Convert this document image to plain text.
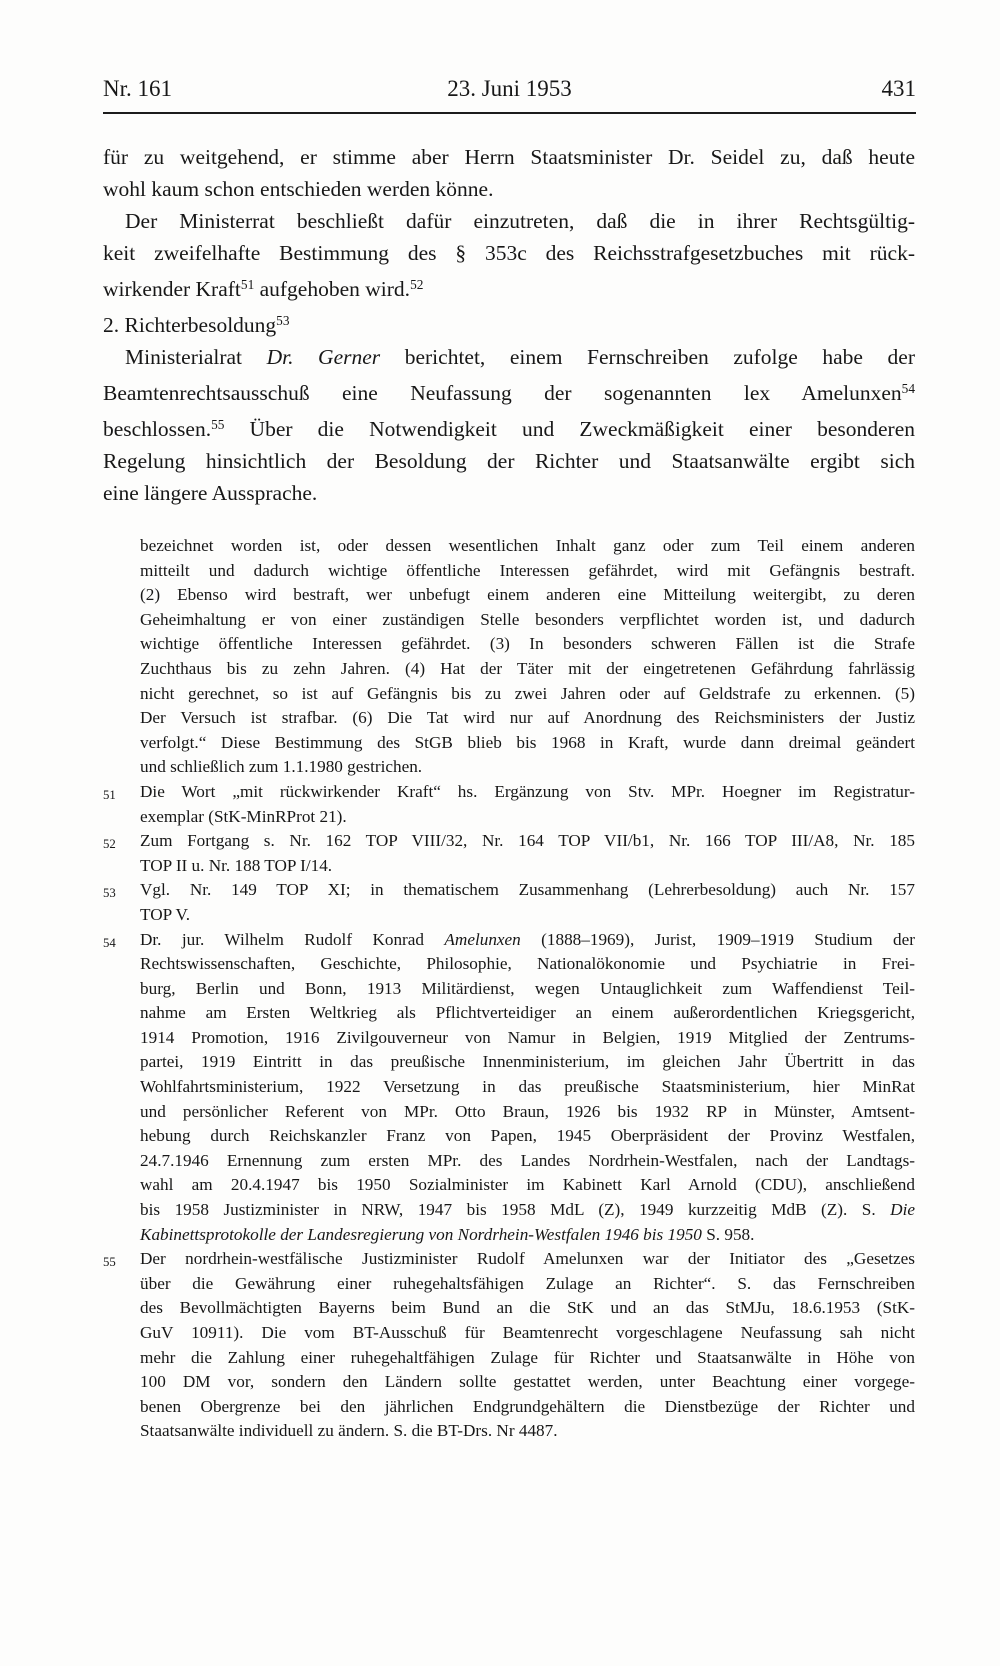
Nr. 161	23. Juni 1953	431
für zu weitgehend, er stimme aber Herrn Staatsminister Dr. Seidel zu, daß heute
wohl kaum schon entschieden werden könne.
Der Ministerrat beschließt dafür einzutreten, daß die in ihrer Rechtsgültig-
keit zweifelhafte Bestimmung des § 353c des Reichsstrafgesetzbuches mit rück-
wirkender Kraft$^{51}$ aufgehoben wird.$^{52}$
2. Richterbesoldung$^{53}$
Ministerialrat Dr. Gerner berichtet, einem Fernschreiben zufolge habe der
Beamtenrechtsausschuß eine Neufassung der sogenannten lex Amelunxen$^{54}$
beschlossen.$^{55}$ Über die Notwendigkeit und Zweckmäßigkeit einer besonderen
Regelung hinsichtlich der Besoldung der Richter und Staatsanwälte ergibt sich
eine längere Aussprache.
bezeichnet worden ist, oder dessen wesentlichen Inhalt ganz oder zum Teil einem anderen
mitteilt und dadurch wichtige öffentliche Interessen gefährdet, wird mit Gefängnis bestraft.
(2) Ebenso wird bestraft, wer unbefugt einem anderen eine Mitteilung weitergibt, zu deren
Geheimhaltung er von einer zuständigen Stelle besonders verpflichtet worden ist, und dadurch
wichtige öffentliche Interessen gefährdet. (3) In besonders schweren Fällen ist die Strafe
Zuchthaus bis zu zehn Jahren. (4) Hat der Täter mit der eingetretenen Gefährdung fahrlässig
nicht gerechnet, so ist auf Gefängnis bis zu zwei Jahren oder auf Geldstrafe zu erkennen. (5)
Der Versuch ist strafbar. (6) Die Tat wird nur auf Anordnung des Reichsministers der Justiz
verfolgt.“ Diese Bestimmung des StGB blieb bis 1968 in Kraft, wurde dann dreimal geändert
und schließlich zum 1.1.1980 gestrichen.
51	Die Wort „mit rückwirkender Kraft“ hs. Ergänzung von Stv. MPr. Hoegner im Registratur-
exemplar (StK-MinRProt 21).
52	Zum Fortgang s. Nr. 162 TOP VIII/32, Nr. 164 TOP VII/b1, Nr. 166 TOP III/A8, Nr. 185
TOP II u. Nr. 188 TOP I/14.
53	Vgl. Nr. 149 TOP XI; in thematischem Zusammenhang (Lehrerbesoldung) auch Nr. 157
TOP V.
54	Dr. jur. Wilhelm Rudolf Konrad Amelunxen (1888–1969), Jurist, 1909–1919 Studium der
Rechtswissenschaften, Geschichte, Philosophie, Nationalökonomie und Psychiatrie in Frei-
burg, Berlin und Bonn, 1913 Militärdienst, wegen Untauglichkeit zum Waffendienst Teil-
nahme am Ersten Weltkrieg als Pflichtverteidiger an einem außerordentlichen Kriegsgericht,
1914 Promotion, 1916 Zivilgouverneur von Namur in Belgien, 1919 Mitglied der Zentrums-
partei, 1919 Eintritt in das preußische Innenministerium, im gleichen Jahr Übertritt in das
Wohlfahrtsministerium, 1922 Versetzung in das preußische Staatsministerium, hier MinRat
und persönlicher Referent von MPr. Otto Braun, 1926 bis 1932 RP in Münster, Amtsent-
hebung durch Reichskanzler Franz von Papen, 1945 Oberpräsident der Provinz Westfalen,
24.7.1946 Ernennung zum ersten MPr. des Landes Nordrhein-Westfalen, nach der Landtags-
wahl am 20.4.1947 bis 1950 Sozialminister im Kabinett Karl Arnold (CDU), anschließend
bis 1958 Justizminister in NRW, 1947 bis 1958 MdL (Z), 1949 kurzzeitig MdB (Z). S. Die
Kabinettsprotokolle der Landesregierung von Nordrhein-Westfalen 1946 bis 1950 S. 958.
55	Der nordrhein-westfälische Justizminister Rudolf Amelunxen war der Initiator des „Gesetzes
über die Gewährung einer ruhegehaltsfähigen Zulage an Richter“. S. das Fernschreiben
des Bevollmächtigten Bayerns beim Bund an die StK und an das StMJu, 18.6.1953 (StK-
GuV 10911). Die vom BT-Ausschuß für Beamtenrecht vorgeschlagene Neufassung sah nicht
mehr die Zahlung einer ruhegehaltfähigen Zulage für Richter und Staatsanwälte in Höhe von
100 DM vor, sondern den Ländern sollte gestattet werden, unter Beachtung einer vorgege-
benen Obergrenze bei den jährlichen Endgrundgehältern die Dienstbezüge der Richter und
Staatsanwälte individuell zu ändern. S. die BT-Drs. Nr 4487.
